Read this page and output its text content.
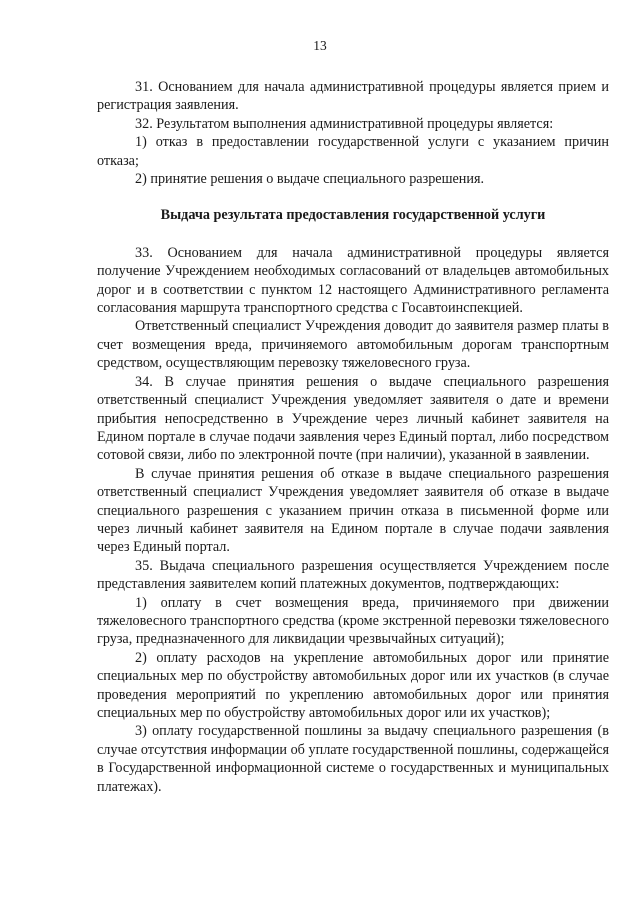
13

31. Основанием для начала административной процедуры является прием и регистрация заявления.

32. Результатом выполнения административной процедуры является:

1) отказ в предоставлении государственной услуги с указанием причин отказа;

2) принятие решения о выдаче специального разрешения.

Выдача результата предоставления государственной услуги

33. Основанием для начала административной процедуры является получение Учреждением необходимых согласований от владельцев автомобильных дорог и в соответствии с пунктом 12 настоящего Административного регламента согласования маршрута транспортного средства с Госавтоинспекцией.

Ответственный специалист Учреждения доводит до заявителя размер платы в счет возмещения вреда, причиняемого автомобильным дорогам транспортным средством, осуществляющим перевозку тяжеловесного груза.

34. В случае принятия решения о выдаче специального разрешения ответственный специалист Учреждения уведомляет заявителя о дате и времени прибытия непосредственно в Учреждение через личный кабинет заявителя на Едином портале в случае подачи заявления через Единый портал, либо посредством сотовой связи, либо по электронной почте (при наличии), указанной в заявлении.

В случае принятия решения об отказе в выдаче специального разрешения ответственный специалист Учреждения уведомляет заявителя об отказе в выдаче специального разрешения с указанием причин отказа в письменной форме или через личный кабинет заявителя на Едином портале в случае подачи заявления через Единый портал.

35. Выдача специального разрешения осуществляется Учреждением после представления заявителем копий платежных документов, подтверждающих:

1) оплату в счет возмещения вреда, причиняемого при движении тяжеловесного транспортного средства (кроме экстренной перевозки тяжеловесного груза, предназначенного для ликвидации чрезвычайных ситуаций);

2) оплату расходов на укрепление автомобильных дорог или принятие специальных мер по обустройству автомобильных дорог или их участков (в случае проведения мероприятий по укреплению автомобильных дорог или принятия специальных мер по обустройству автомобильных дорог или их участков);

3) оплату государственной пошлины за выдачу специального разрешения (в случае отсутствия информации об уплате государственной пошлины, содержащейся в Государственной информационной системе о государственных и муниципальных платежах).
